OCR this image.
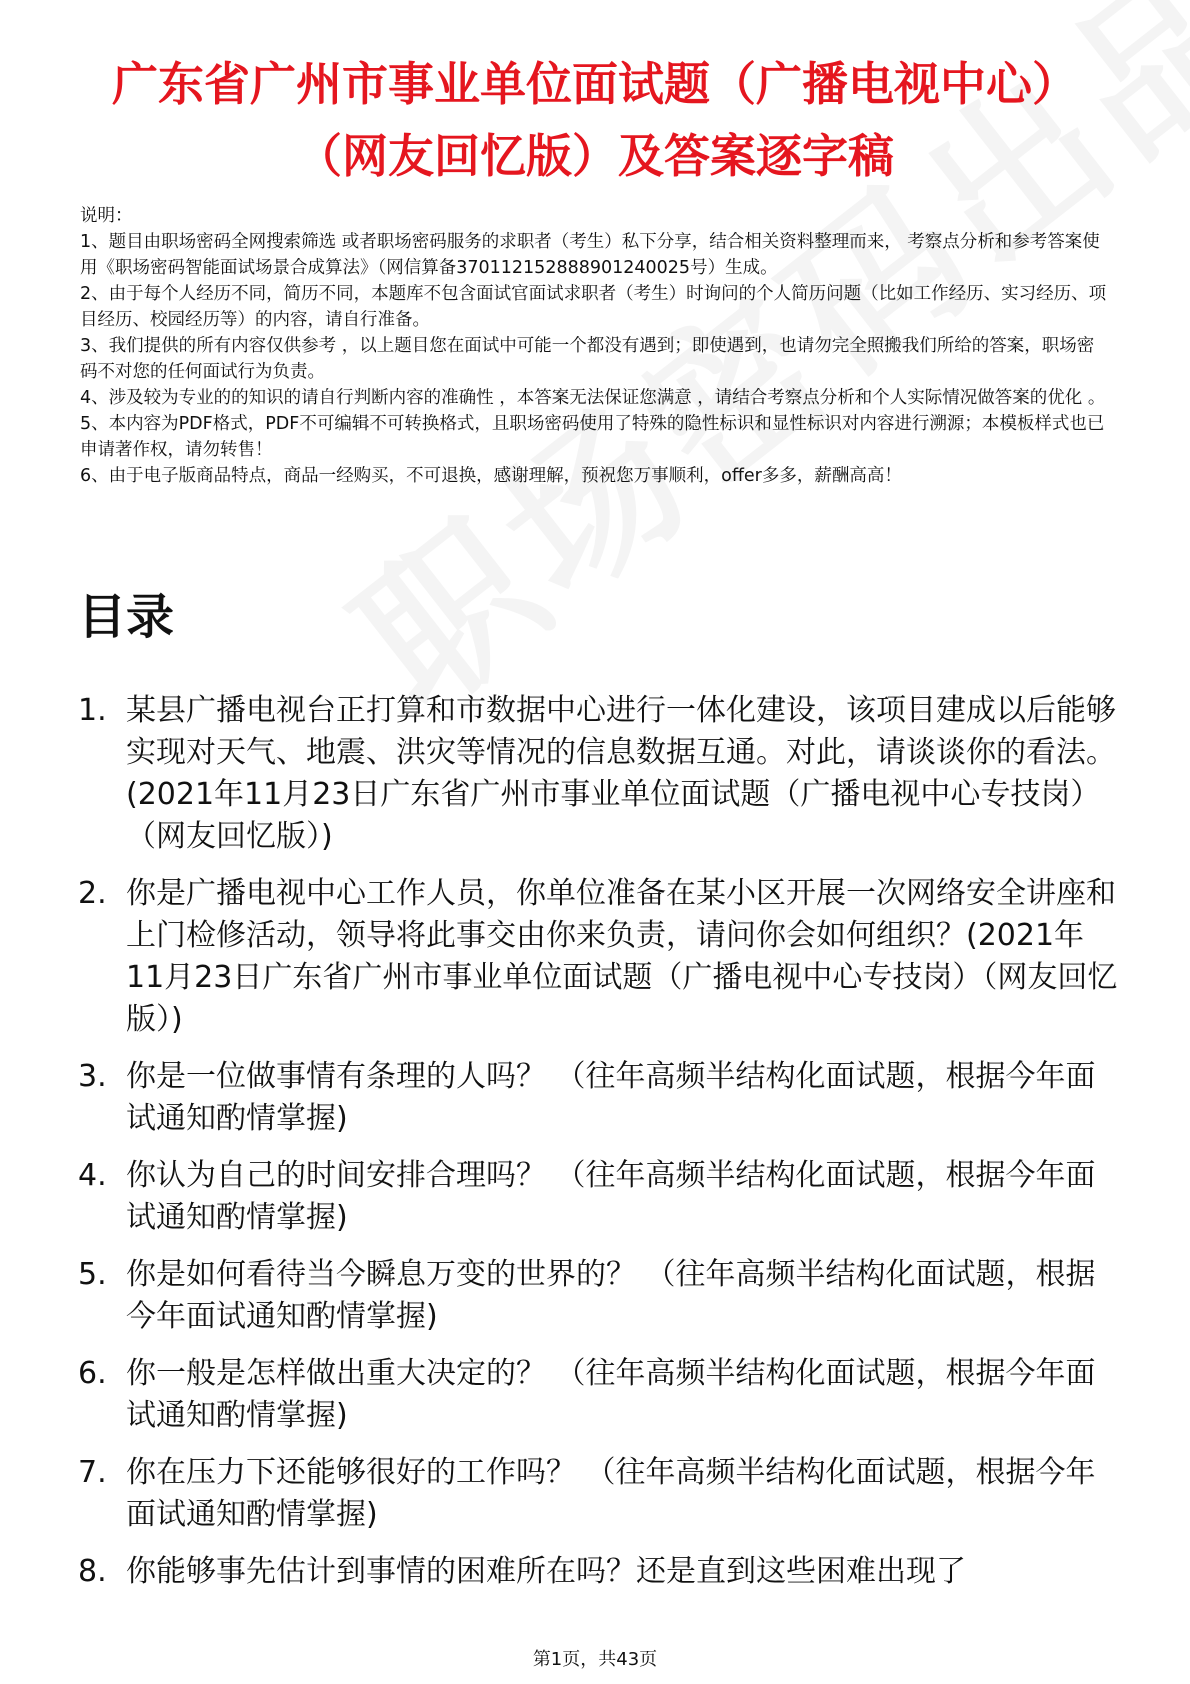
广东省广州市事业单位面试题（广播电视中心）（网友回忆版）及答案逐字稿

说明：

1、题目由职场密码全网搜索筛选 或者职场密码服务的求职者（考生）私下分享，结合相关资料整理而来， 考察点分析和参考答案使用《职场密码智能面试场景合成算法》（网信算备370112152888901240025号）生成。

2、由于每个人经历不同，简历不同，本题库不包含面试官面试求职者（考生）时询问的个人简历问题（比如工作经历、实习经历、项目经历、校园经历等）的内容，请自行准备。

3、我们提供的所有内容仅供参考 ，以上题目您在面试中可能一个都没有遇到；即使遇到，也请勿完全照搬我们所给的答案，职场密码不对您的任何面试行为负责。

4、涉及较为专业的的知识的请自行判断内容的准确性 ，本答案无法保证您满意 ，请结合考察点分析和个人实际情况做答案的优化 。

5、本内容为PDF格式，PDF不可编辑不可转换格式，且职场密码使用了特殊的隐性标识和显性标识对内容进行溯源；本模板样式也已申请著作权，请勿转售！

6、由于电子版商品特点，商品一经购买，不可退换，感谢理解，预祝您万事顺利，offer多多，薪酬高高！

目录
1. 某县广播电视台正打算和市数据中心进行一体化建设，该项目建成以后能够实现对天气、地震、洪灾等情况的信息数据互通。对此，请谈谈你的看法。(2021年11月23日广东省广州市事业单位面试题（广播电视中心专技岗）（网友回忆版）)
2. 你是广播电视中心工作人员，你单位准备在某小区开展一次网络安全讲座和上门检修活动，领导将此事交由你来负责，请问你会如何组织？(2021年11月23日广东省广州市事业单位面试题（广播电视中心专技岗）（网友回忆版）)
3. 你是一位做事情有条理的人吗？ （往年高频半结构化面试题，根据今年面试通知酌情掌握)
4. 你认为自己的时间安排合理吗？ （往年高频半结构化面试题，根据今年面试通知酌情掌握)
5. 你是如何看待当今瞬息万变的世界的？ （往年高频半结构化面试题，根据今年面试通知酌情掌握)
6. 你一般是怎样做出重大决定的？ （往年高频半结构化面试题，根据今年面试通知酌情掌握)
7. 你在压力下还能够很好的工作吗？ （往年高频半结构化面试题，根据今年面试通知酌情掌握)
8. 你能够事先估计到事情的困难所在吗？还是直到这些困难出现了
第1页，共43页
